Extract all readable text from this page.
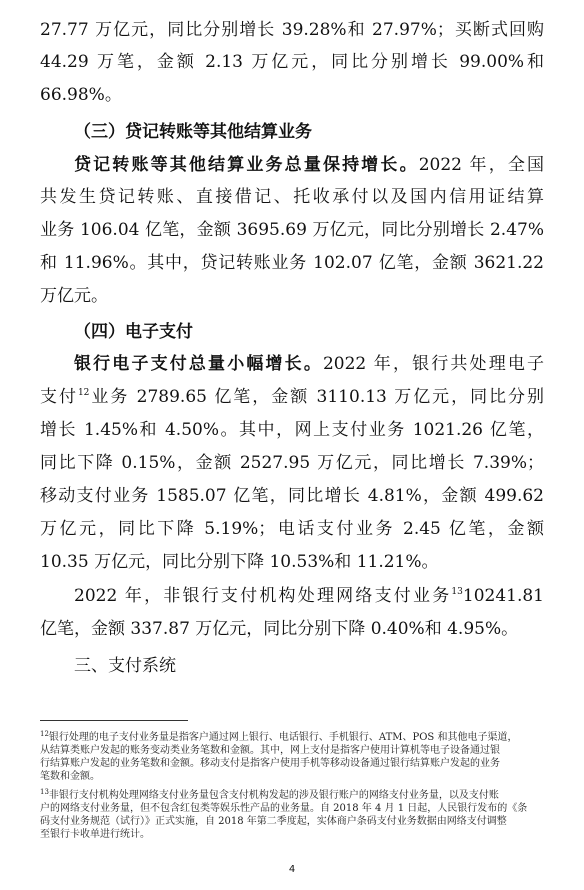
27.77 万亿元，同比分别增长 39.28%和 27.97%；买断式回购
44.29 万笔，金额 2.13 万亿元，同比分别增长 99.00%和
66.98%。
（三）贷记转账等其他结算业务
贷记转账等其他结算业务总量保持增长。2022 年，全国
共发生贷记转账、直接借记、托收承付以及国内信用证结算
业务 106.04 亿笔，金额 3695.69 万亿元，同比分别增长 2.47%
和 11.96%。其中，贷记转账业务 102.07 亿笔，金额 3621.22
万亿元。
（四）电子支付
银行电子支付总量小幅增长。2022 年，银行共处理电子
支付$^{12}$业务 2789.65 亿笔，金额 3110.13 万亿元，同比分别
增长 1.45%和 4.50%。其中，网上支付业务 1021.26 亿笔，
同比下降 0.15%，金额 2527.95 万亿元，同比增长 7.39%；
移动支付业务 1585.07 亿笔，同比增长 4.81%，金额 499.62
万亿元，同比下降 5.19%；电话支付业务 2.45 亿笔，金额
10.35 万亿元，同比分别下降 10.53%和 11.21%。
2022 年，非银行支付机构处理网络支付业务$^{13}$10241.81
亿笔，金额 337.87 万亿元，同比分别下降 0.40%和 4.95%。
三、支付系统
$^{12}$银行处理的电子支付业务量是指客户通过网上银行、电话银行、手机银行、ATM、POS 和其他电子渠道，
从结算类账户发起的账务变动类业务笔数和金额。其中，网上支付是指客户使用计算机等电子设备通过银
行结算账户发起的业务笔数和金额。移动支付是指客户使用手机等移动设备通过银行结算账户发起的业务
笔数和金额。
$^{13}$非银行支付机构处理网络支付业务量包含支付机构发起的涉及银行账户的网络支付业务量，以及支付账
户的网络支付业务量，但不包含红包类等娱乐性产品的业务量。自 2018 年 4 月 1 日起，人民银行发布的《条
码支付业务规范（试行）》正式实施，自 2018 年第二季度起，实体商户条码支付业务数据由网络支付调整
至银行卡收单进行统计。
4
